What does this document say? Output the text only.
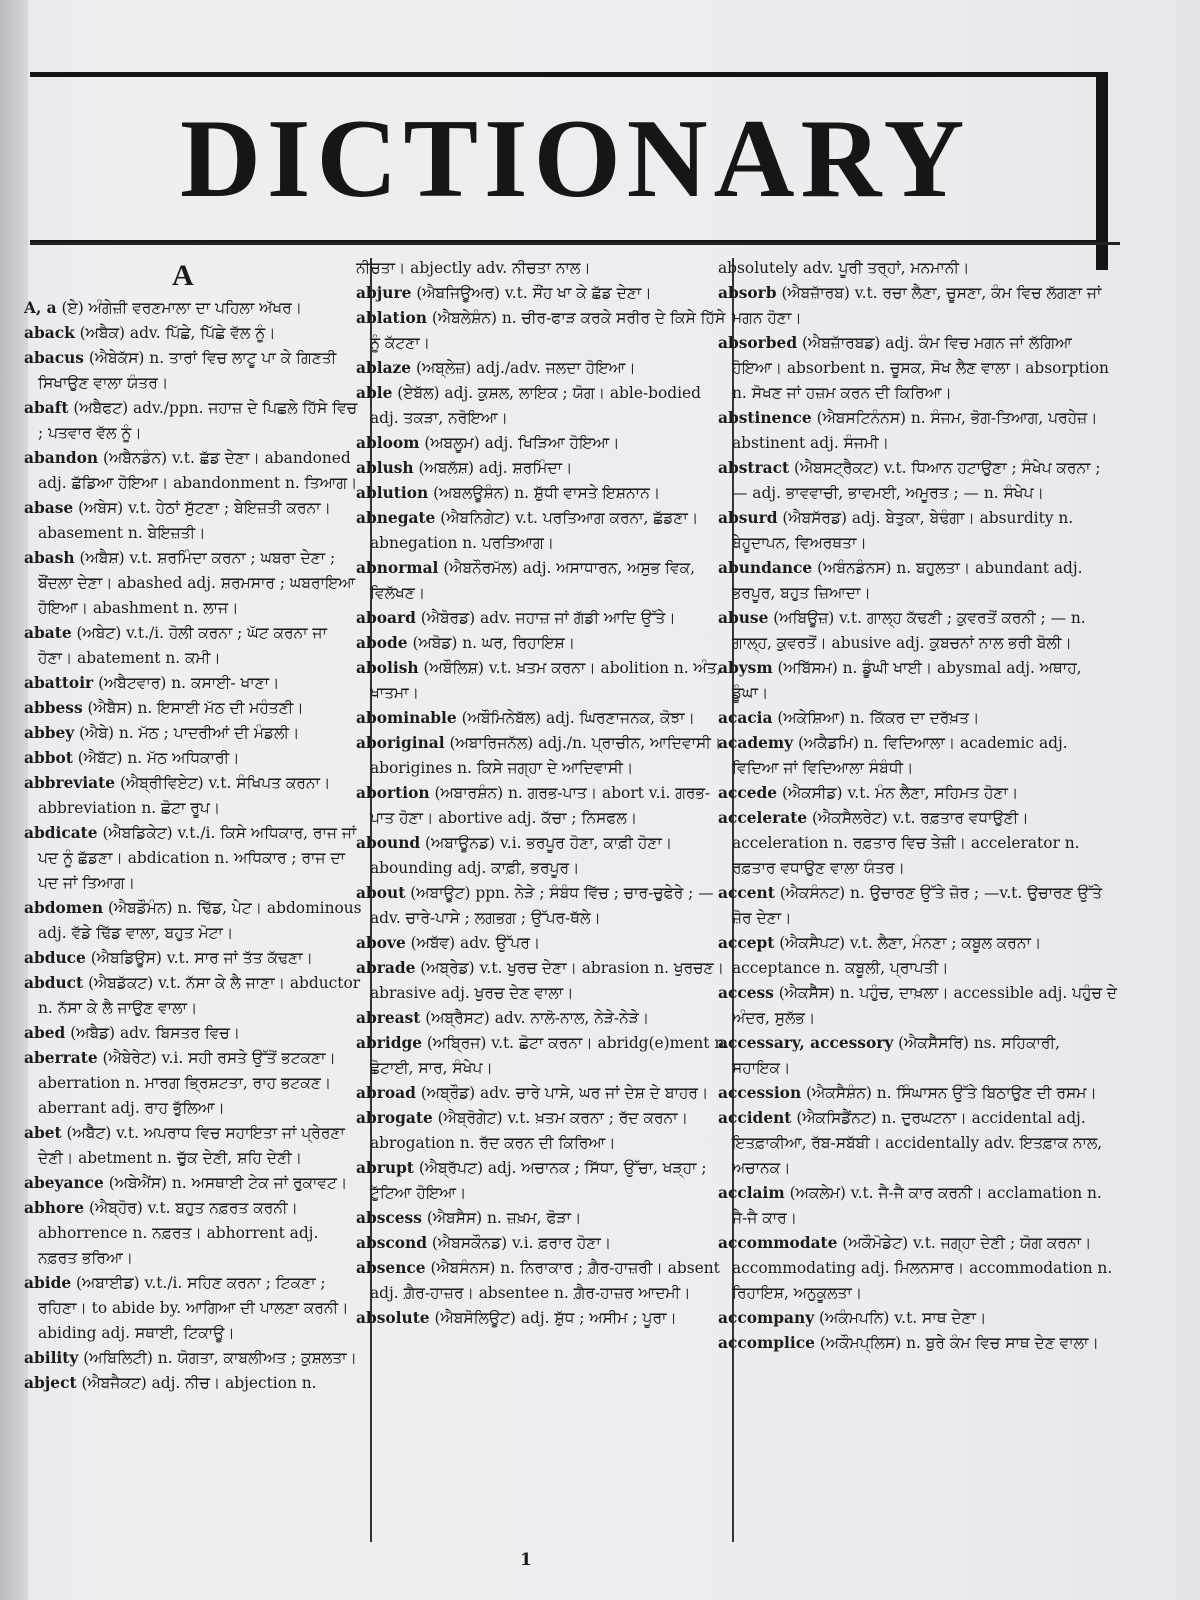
DICTIONARY
A

A, a (ਏ) ਅੰਗੇਜ਼ੀ ਵਰਣਮਾਲਾ ਦਾ ਪਹਿਲਾ ਅੱਖਰ।

aback (ਅਬੈਕ) adv. ਪਿੱਛੇ, ਪਿੱਛੇ ਵੱਲ ਨੂੰ।

abacus (ਐਬੇਕੱਸ) n. ਤਾਰਾਂ ਵਿਚ ਲਾਟੂ ਪਾ ਕੇ ਗਿਣਤੀ ਸਿਖਾਉਣ ਵਾਲਾ ਯੰਤਰ।

abaft (ਅਬੈਫਟ) adv./ppn. ਜਹਾਜ਼ ਦੇ ਪਿਛਲੇ ਹਿੱਸੇ ਵਿਚ ; ਪਤਵਾਰ ਵੱਲ ਨੂੰ।

abandon (ਅਬੈਨਡੰਨ) v.t. ਛੱਡ ਦੇਣਾ। abandoned adj. ਛੱਡਿਆ ਹੋਇਆ। abandonment n. ਤਿਆਗ।

abase (ਅਬੇਸ) v.t. ਹੇਠਾਂ ਸੁੱਟਣਾ ; ਬੇਇਜ਼ਤੀ ਕਰਨਾ। abasement n. ਬੇਇਜ਼ਤੀ।

abash (ਅਬੈਸ਼) v.t. ਸ਼ਰਮਿੰਦਾ ਕਰਨਾ ; ਘਬਰਾ ਦੇਣਾ ; ਬੌਂਦਲਾ ਦੇਣਾ। abashed adj. ਸ਼ਰਮਸਾਰ ; ਘਬਰਾਇਆ ਹੋਇਆ। abashment n. ਲਾਜ।

abate (ਅਬੇਟ) v.t./i. ਹੋਲੀ ਕਰਨਾ ; ਘੱਟ ਕਰਨਾ ਜਾ ਹੋਣਾ। abatement n. ਕਮੀ।

abattoir (ਅਬੈਟਵਾਰ) n. ਕਸਾਈ- ਖਾਣਾ।

abbess (ਐਬੈਸ) n. ਇਸਾਈ ਮੱਠ ਦੀ ਮਹੰਤਣੀ।

abbey (ਐਬੇ) n. ਮੱਠ ; ਪਾਦਰੀਆਂ ਦੀ ਮੰਡਲੀ।

abbot (ਐਬੱਟ) n. ਮੱਠ ਅਧਿਕਾਰੀ।

abbreviate (ਐਬ੍ਰੀਵਿਏਟ) v.t. ਸੰਖਿਪਤ ਕਰਨਾ। abbreviation n. ਛੋਟਾ ਰੂਪ।

abdicate (ਐਬਡਿਕੇਟ) v.t./i. ਕਿਸੇ ਅਧਿਕਾਰ, ਰਾਜ ਜਾਂ ਪਦ ਨੂੰ ਛੱਡਣਾ। abdication n. ਅਧਿਕਾਰ ; ਰਾਜ ਦਾ ਪਦ ਜਾਂ ਤਿਆਗ।

abdomen (ਐਬਡੌਮੰਨ) n. ਢਿੱਡ, ਪੇਟ। abdominous adj. ਵੱਡੇ ਢਿੱਡ ਵਾਲਾ, ਬਹੁਤ ਮੋਟਾ।

abduce (ਐਬਡਿਊਸ) v.t. ਸਾਰ ਜਾਂ ਤੱਤ ਕੱਢਣਾ।

abduct (ਐਬਡੱਕਟ) v.t. ਨੱਸਾ ਕੇ ਲੈ ਜਾਣਾ। abductor n. ਨੱਸਾ ਕੇ ਲੈ ਜਾਉਣ ਵਾਲਾ।

abed (ਅਬੈਡ) adv. ਬਿਸਤਰ ਵਿਚ।

aberrate (ਐਬੇਰੇਟ) v.i. ਸਹੀ ਰਸਤੇ ਉੱਤੋਂ ਭਟਕਣਾ। aberration n. ਮਾਰਗ ਭ੍ਰਿਸ਼ਟਤਾ, ਰਾਹ ਭਟਕਣ। aberrant adj. ਰਾਹ ਭੁੱਲਿਆ।

abet (ਅਬੈੱਟ) v.t. ਅਪਰਾਧ ਵਿਚ ਸਹਾਇਤਾ ਜਾਂ ਪ੍ਰੇਰਣਾ ਦੇਣੀ। abetment n. ਚੁੱਕ ਦੇਣੀ, ਸ਼ਹਿ ਦੇਣੀ।

abeyance (ਅਬੇਐਂਸ) n. ਅਸਥਾਈ ਟੇਕ ਜਾਂ ਰੁਕਾਵਟ।

abhore (ਐਬ੍ਹੋਰ) v.t. ਬਹੁਤ ਨਫ਼ਰਤ ਕਰਨੀ। abhorrence n. ਨਫ਼ਰਤ। abhorrent adj. ਨਫ਼ਰਤ ਭਰਿਆ।

abide (ਅਬਾਈਡ) v.t./i. ਸਹਿਣ ਕਰਨਾ ; ਟਿਕਣਾ ; ਰਹਿਣਾ। to abide by. ਆਗਿਆ ਦੀ ਪਾਲਣਾ ਕਰਨੀ। abiding adj. ਸਥਾਈ, ਟਿਕਾਊ।

ability (ਅਬਿਲਿਟੀ) n. ਯੋਗਤਾ, ਕਾਬਲੀਅਤ ; ਕੁਸ਼ਲਤਾ।

abject (ਐਬਜੈਕਟ) adj. ਨੀਚ। abjection n.

ਨੀਚਤਾ। abjectly adv. ਨੀਚਤਾ ਨਾਲ।

abjure (ਐਬਜਿਊਅਰ) v.t. ਸੌਂਹ ਖਾ ਕੇ ਛੱਡ ਦੇਣਾ।

ablation (ਐਬਲੇਸ਼ੰਨ) n. ਚੀਰ-ਫਾੜ ਕਰਕੇ ਸਰੀਰ ਦੇ ਕਿਸੇ ਹਿੱਸੇ ਨੂੰ ਕੱਟਣਾ।

ablaze (ਅਬ੍ਲੇਜ਼) adj./adv. ਜਲਦਾ ਹੋਇਆ।

able (ਏਬੱਲ) adj. ਕੁਸ਼ਲ, ਲਾਇਕ ; ਯੋਗ। able-bodied adj. ਤਕੜਾ, ਨਰੋਇਆ।

abloom (ਅਬਲੂਮ) adj. ਖਿੜਿਆ ਹੋਇਆ।

ablush (ਅਬਲੱਸ਼) adj. ਸ਼ਰਮਿੰਦਾ।

ablution (ਅਬਲਊਸ਼ੰਨ) n. ਸ਼ੁੱਧੀ ਵਾਸਤੇ ਇਸ਼ਨਾਨ।

abnegate (ਐਬਨਿਗੇਟ) v.t. ਪਰਤਿਆਗ ਕਰਨਾ, ਛੱਡਣਾ। abnegation n. ਪਰਤਿਆਗ।

abnormal (ਐਬਨੌਰਮੱਲ) adj. ਅਸਾਧਾਰਨ, ਅਸੁਭ ਵਿਕ, ਵਿਲੱਖਣ।

aboard (ਐਬੋਰਡ) adv. ਜਹਾਜ਼ ਜਾਂ ਗੱਡੀ ਆਦਿ ਉੱਤੇ।

abode (ਅਬੋਡ) n. ਘਰ, ਰਿਹਾਇਸ਼।

abolish (ਅਬੌਲਿਸ਼) v.t. ਖ਼ਤਮ ਕਰਨਾ। abolition n. ਅੰਤ, ਖ਼ਾਤਮਾ।

abominable (ਅਬੌਮਿਨੇਬੱਲ) adj. ਘਿਰਣਾਜਨਕ, ਕੋਝਾ।

aboriginal (ਅਬਾਰਿਜਨੱਲ) adj./n. ਪ੍ਰਾਚੀਨ, ਆਦਿਵਾਸੀ। aborigines n. ਕਿਸੇ ਜਗ੍ਹਾ ਦੇ ਆਦਿਵਾਸੀ।

abortion (ਅਬਾਰਸ਼ੰਨ) n. ਗਰਭ-ਪਾਤ। abort v.i. ਗਰਭ-ਪਾਤ ਹੋਣਾ। abortive adj. ਕੱਚਾ ; ਨਿਸਫਲ।

abound (ਅਬਾਊਨਡ) v.i. ਭਰਪੂਰ ਹੋਣਾ, ਕਾਫ਼ੀ ਹੋਣਾ। abounding adj. ਕਾਫ਼ੀ, ਭਰਪੂਰ।

about (ਅਬਾਊਟ) ppn. ਨੇੜੇ ; ਸੰਬੰਧ ਵਿੱਚ ; ਚਾਰ-ਚੁਫੇਰੇ ; — adv. ਚਾਰੇ-ਪਾਸੇ ; ਲਗਭਗ ; ਉੱਪਰ-ਥੱਲੇ।

above (ਅਬੱਵ) adv. ਉੱਪਰ।

abrade (ਅਬ੍ਰੇਡ) v.t. ਖੁਰਚ ਦੇਣਾ। abrasion n. ਖੁਰਚਣ। abrasive adj. ਖੁਰਚ ਦੇਣ ਵਾਲਾ।

abreast (ਅਬ੍ਰੈਸਟ) adv. ਨਾਲੋ-ਨਾਲ, ਨੇੜੇ-ਨੇੜੇ।

abridge (ਅਬ੍ਰਿਜ) v.t. ਛੋਟਾ ਕਰਨਾ। abridg(e)ment n. ਛੋਟਾਈ, ਸਾਰ, ਸੰਖੇਪ।

abroad (ਅਬ੍ਰੌਡ) adv. ਚਾਰੇ ਪਾਸੇ, ਘਰ ਜਾਂ ਦੇਸ਼ ਦੇ ਬਾਹਰ।

abrogate (ਐਬ੍ਰੋਗੇਟ) v.t. ਖ਼ਤਮ ਕਰਨਾ ; ਰੱਦ ਕਰਨਾ। abrogation n. ਰੱਦ ਕਰਨ ਦੀ ਕਿਰਿਆ।

abrupt (ਐਬ੍ਰੱਪਟ) adj. ਅਚਾਨਕ ; ਸਿੱਧਾ, ਉੱਚਾ, ਖੜ੍ਹਾ ; ਟੁੱਟਿਆ ਹੋਇਆ।

abscess (ਐਬਸੈਸ) n. ਜ਼ਖ਼ਮ, ਫੋੜਾ।

abscond (ਐਬਸਕੌਨਡ) v.i. ਫ਼ਰਾਰ ਹੋਣਾ।

absence (ਐਬਸੰਨਸ) n. ਨਿਰਾਕਾਰ ; ਗ਼ੈਰ-ਹਾਜ਼ਰੀ। absent adj. ਗ਼ੈਰ-ਹਾਜ਼ਰ। absentee n. ਗ਼ੈਰ-ਹਾਜ਼ਰ ਆਦਮੀ।

absolute (ਐਬਸੋਲਿਊਟ) adj. ਸ਼ੁੱਧ ; ਅਸੀਮ ; ਪੂਰਾ।

absolutely adv. ਪੂਰੀ ਤਰ੍ਹਾਂ, ਮਨਮਾਨੀ।

absorb (ਐਬਜ਼ਾੱਰਬ) v.t. ਰਚਾ ਲੈਣਾ, ਚੂਸਣਾ, ਕੰਮ ਵਿਚ ਲੱਗਣਾ ਜਾਂ ਮਗਨ ਹੋਣਾ।

absorbed (ਐਬਜ਼ਾੱਰਬਡ) adj. ਕੰਮ ਵਿਚ ਮਗਨ ਜਾਂ ਲੱਗਿਆ ਹੋਇਆ। absorbent n. ਚੂਸਕ, ਸੋਖ ਲੈਣ ਵਾਲਾ। absorption n. ਸੋਖਣ ਜਾਂ ਹਜ਼ਮ ਕਰਨ ਦੀ ਕਿਰਿਆ।

abstinence (ਐਬਸਟਿਨੰਨਸ) n. ਸੰਜਮ, ਭੋਗ-ਤਿਆਗ, ਪਰਹੇਜ਼। abstinent adj. ਸੰਜਮੀ।

abstract (ਐਬਸਟ੍ਰੈਕਟ) v.t. ਧਿਆਨ ਹਟਾਉਣਾ ; ਸੰਖੇਪ ਕਰਨਾ ; — adj. ਭਾਵਵਾਚੀ, ਭਾਵਮਈ, ਅਮੂਰਤ ; — n. ਸੰਖੇਪ।

absurd (ਐਬਸੱਰਡ) adj. ਬੇਤੁਕਾ, ਬੇਢੰਗਾ। absurdity n. ਬੇਹੂਦਾਪਨ, ਵਿਅਰਥਤਾ।

abundance (ਅਬੰਨਡੰਨਸ) n. ਬਹੁਲਤਾ। abundant adj. ਭਰਪੂਰ, ਬਹੁਤ ਜ਼ਿਆਦਾ।

abuse (ਅਬਿਊਜ਼) v.t. ਗਾਲ੍ਹ ਕੱਢਣੀ ; ਕੁਵਰਤੋਂ ਕਰਨੀ ; — n. ਗਾਲ੍ਹ, ਕੁਵਰਤੋਂ। abusive adj. ਕੁਬਚਨਾਂ ਨਾਲ ਭਰੀ ਬੋਲੀ।

abysm (ਅਬਿੱਸਮ) n. ਡੂੰਘੀ ਖਾਈ। abysmal adj. ਅਥਾਹ, ਡੂੰਘਾ।

acacia (ਅਕੇਸ਼ਿਆ) n. ਕਿੱਕਰ ਦਾ ਦਰੱਖ਼ਤ।

academy (ਅਕੈਡਮਿ) n. ਵਿਦਿਆਲਾ। academic adj. ਵਿਦਿਆ ਜਾਂ ਵਿਦਿਆਲਾ ਸੰਬੰਧੀ।

accede (ਐਕਸੀਡ) v.t. ਮੰਨ ਲੈਣਾ, ਸਹਿਮਤ ਹੋਣਾ।

accelerate (ਐਕਸੈਲਰੇਟ) v.t. ਰਫ਼ਤਾਰ ਵਧਾਉਣੀ। acceleration n. ਰਫ਼ਤਾਰ ਵਿਚ ਤੇਜ਼ੀ। accelerator n. ਰਫ਼ਤਾਰ ਵਧਾਉਣ ਵਾਲਾ ਯੰਤਰ।

accent (ਐਕਸੰਨਟ) n. ਉਚਾਰਣ ਉੱਤੇ ਜ਼ੋਰ ; —v.t. ਉਚਾਰਣ ਉੱਤੇ ਜ਼ੋਰ ਦੇਣਾ।

accept (ਐਕਸੈਪਟ) v.t. ਲੈਣਾ, ਮੰਨਣਾ ; ਕਬੂਲ ਕਰਨਾ। acceptance n. ਕਬੂਲੀ, ਪ੍ਰਾਪਤੀ।

access (ਐਕਸੈੱਸ) n. ਪਹੁੰਚ, ਦਾਖ਼ਲਾ। accessible adj. ਪਹੁੰਚ ਦੇ ਅੰਦਰ, ਸੁਲੱਭ।

accessary, accessory (ਐਕਸੈੱਸਰਿ) ns. ਸਹਿਕਾਰੀ, ਸਹਾਇਕ।

accession (ਐਕਸੈਸ਼ੰਨ) n. ਸਿੰਘਾਸਨ ਉੱਤੇ ਬਿਠਾਉਣ ਦੀ ਰਸਮ।

accident (ਐਕਸਿਡੈਂਨਟ) n. ਦੁਰਘਟਨਾ। accidental adj. ਇਤਫ਼ਾਕੀਆ, ਰੱਬ-ਸਬੱਬੀ। accidentally adv. ਇਤਫ਼ਾਕ ਨਾਲ, ਅਚਾਨਕ।

acclaim (ਅਕਲੇਮ) v.t. ਜੈ-ਜੈ ਕਾਰ ਕਰਨੀ। acclamation n. ਜੈ-ਜੈ ਕਾਰ।

accommodate (ਅਕੌਮੋਡੇਟ) v.t. ਜਗ੍ਹਾ ਦੇਣੀ ; ਯੋਗ ਕਰਨਾ। accommodating adj. ਮਿਲਨਸਾਰ। accommodation n. ਰਿਹਾਇਸ਼, ਅਨੁਕੂਲਤਾ।

accompany (ਅਕੰਮਪਨਿ) v.t. ਸਾਥ ਦੇਣਾ।

accomplice (ਅਕੌਮਪ੍ਲਿਸ) n. ਬੁਰੇ ਕੰਮ ਵਿਚ ਸਾਥ ਦੇਣ ਵਾਲਾ।

1
